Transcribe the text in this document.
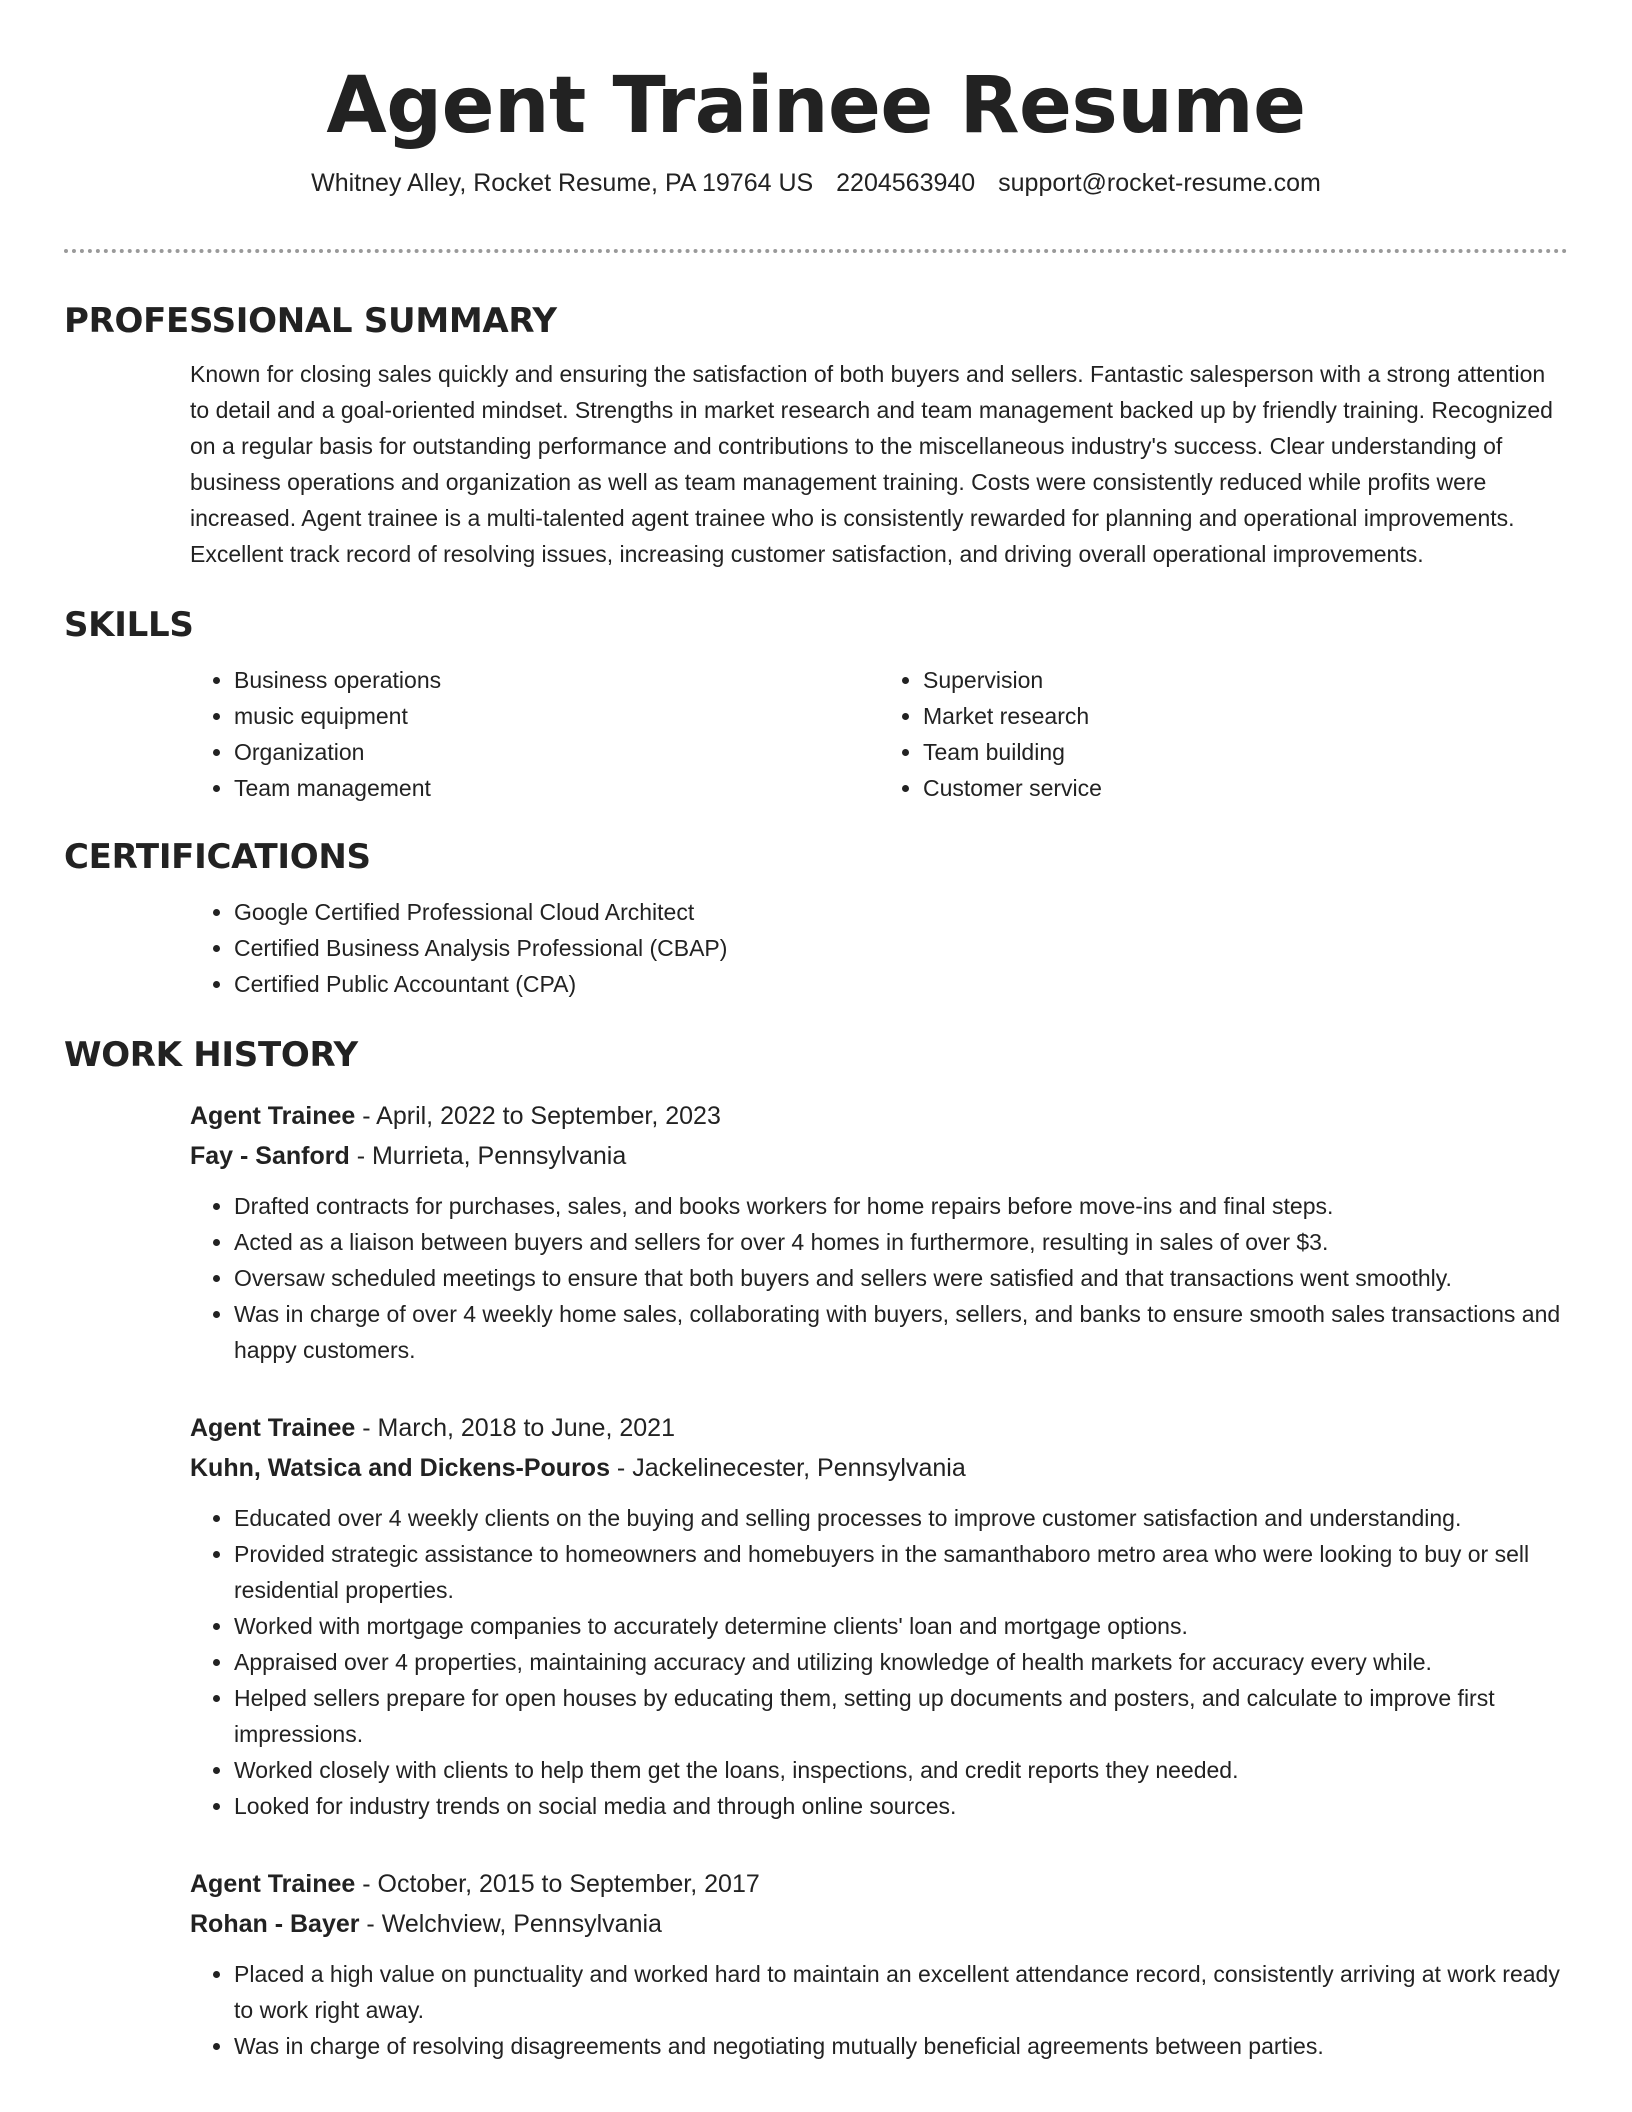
Agent Trainee Resume
Whitney Alley, Rocket Resume, PA 19764 US 2204563940 support@rocket-resume.com
PROFESSIONAL SUMMARY

Known for closing sales quickly and ensuring the satisfaction of both buyers and sellers. Fantastic salesperson with a strong attention to detail and a goal-oriented mindset. Strengths in market research and team management backed up by friendly training. Recognized on a regular basis for outstanding performance and contributions to the miscellaneous industry's success. Clear understanding of business operations and organization as well as team management training. Costs were consistently reduced while profits were increased. Agent trainee is a multi-talented agent trainee who is consistently rewarded for planning and operational improvements. Excellent track record of resolving issues, increasing customer satisfaction, and driving overall operational improvements.

SKILLS
• Business operations
• music equipment
• Organization
• Team management
• Supervision
• Market research
• Team building
• Customer service
CERTIFICATIONS
• Google Certified Professional Cloud Architect
• Certified Business Analysis Professional (CBAP)
• Certified Public Accountant (CPA)
WORK HISTORY
Agent Trainee - April, 2022 to September, 2023
Fay - Sanford - Murrieta, Pennsylvania
• Drafted contracts for purchases, sales, and books workers for home repairs before move-ins and final steps.
• Acted as a liaison between buyers and sellers for over 4 homes in furthermore, resulting in sales of over $3.
• Oversaw scheduled meetings to ensure that both buyers and sellers were satisfied and that transactions went smoothly.
• Was in charge of over 4 weekly home sales, collaborating with buyers, sellers, and banks to ensure smooth sales transactions and happy customers.
Agent Trainee - March, 2018 to June, 2021
Kuhn, Watsica and Dickens-Pouros - Jackelinecester, Pennsylvania
• Educated over 4 weekly clients on the buying and selling processes to improve customer satisfaction and understanding.
• Provided strategic assistance to homeowners and homebuyers in the samanthaboro metro area who were looking to buy or sell residential properties.
• Worked with mortgage companies to accurately determine clients' loan and mortgage options.
• Appraised over 4 properties, maintaining accuracy and utilizing knowledge of health markets for accuracy every while.
• Helped sellers prepare for open houses by educating them, setting up documents and posters, and calculate to improve first impressions.
• Worked closely with clients to help them get the loans, inspections, and credit reports they needed.
• Looked for industry trends on social media and through online sources.
Agent Trainee - October, 2015 to September, 2017
Rohan - Bayer - Welchview, Pennsylvania
• Placed a high value on punctuality and worked hard to maintain an excellent attendance record, consistently arriving at work ready to work right away.
• Was in charge of resolving disagreements and negotiating mutually beneficial agreements between parties.
